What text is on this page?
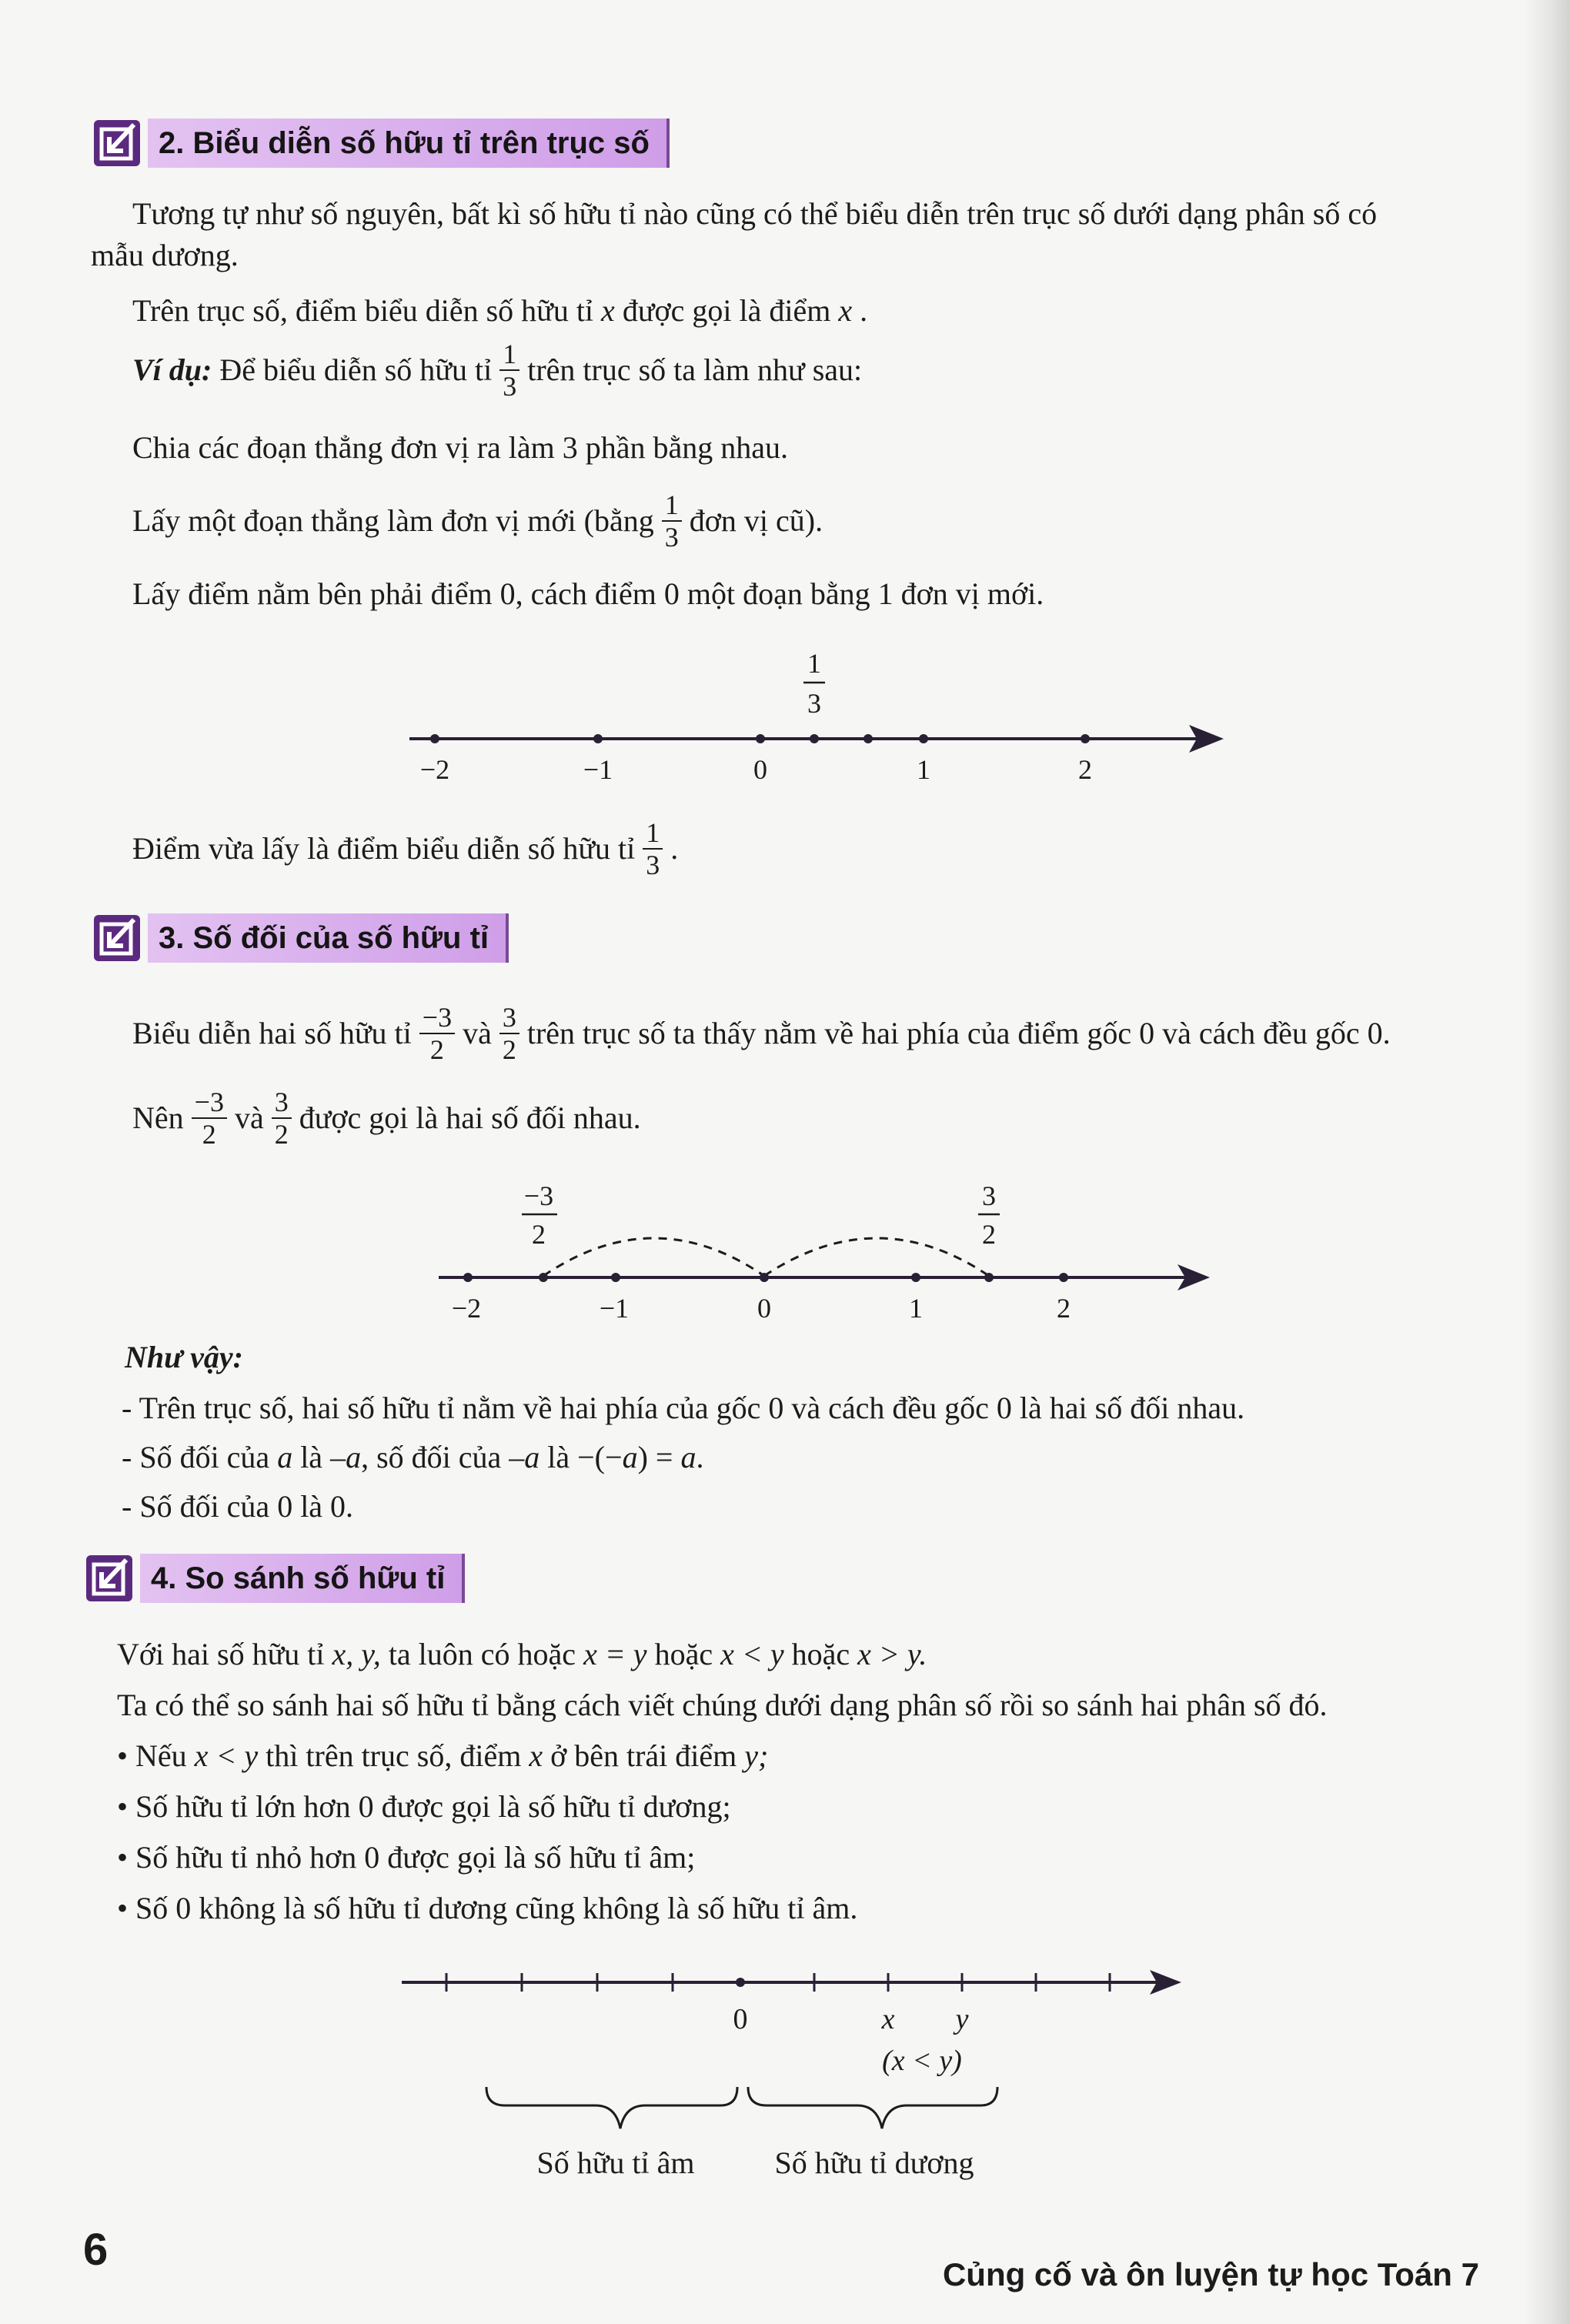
2. Biểu diễn số hữu tỉ trên trục số
Tương tự như số nguyên, bất kì số hữu tỉ nào cũng có thể biểu diễn trên trục số dưới dạng phân số có
mẫu dương.
Trên trục số, điểm biểu diễn số hữu tỉ x được gọi là điểm x .
Ví dụ: Để biểu diễn số hữu tỉ $\frac{1}{3}$ trên trục số ta làm như sau:
Chia các đoạn thẳng đơn vị ra làm 3 phần bằng nhau.
Lấy một đoạn thẳng làm đơn vị mới (bằng $\frac{1}{3}$ đơn vị cũ).
Lấy điểm nằm bên phải điểm 0, cách điểm 0 một đoạn bằng 1 đơn vị mới.
1
3
−2	−1	0	1	2
Điểm vừa lấy là điểm biểu diễn số hữu tỉ $\frac{1}{3}$ .
3. Số đối của số hữu tỉ
Biểu diễn hai số hữu tỉ $\frac{-3}{2}$ và $\frac{3}{2}$ trên trục số ta thấy nằm về hai phía của điểm gốc 0 và cách đều gốc 0.
Nên $\frac{-3}{2}$ và $\frac{3}{2}$ được gọi là hai số đối nhau.
−3
2
3
2
−2	−1	0	1	2
Như vậy:
- Trên trục số, hai số hữu tỉ nằm về hai phía của gốc 0 và cách đều gốc 0 là hai số đối nhau.
- Số đối của a là –a, số đối của –a là −(−a) = a.
- Số đối của 0 là 0.
4. So sánh số hữu tỉ
Với hai số hữu tỉ x, y, ta luôn có hoặc x = y hoặc x < y hoặc x > y.
Ta có thể so sánh hai số hữu tỉ bằng cách viết chúng dưới dạng phân số rồi so sánh hai phân số đó.
• Nếu x < y thì trên trục số, điểm x ở bên trái điểm y;
• Số hữu tỉ lớn hơn 0 được gọi là số hữu tỉ dương;
• Số hữu tỉ nhỏ hơn 0 được gọi là số hữu tỉ âm;
• Số 0 không là số hữu tỉ dương cũng không là số hữu tỉ âm.
0	x y
(x < y)
Số hữu tỉ âm	Số hữu tỉ dương
6	Củng cố và ôn luyện tự học Toán 7
